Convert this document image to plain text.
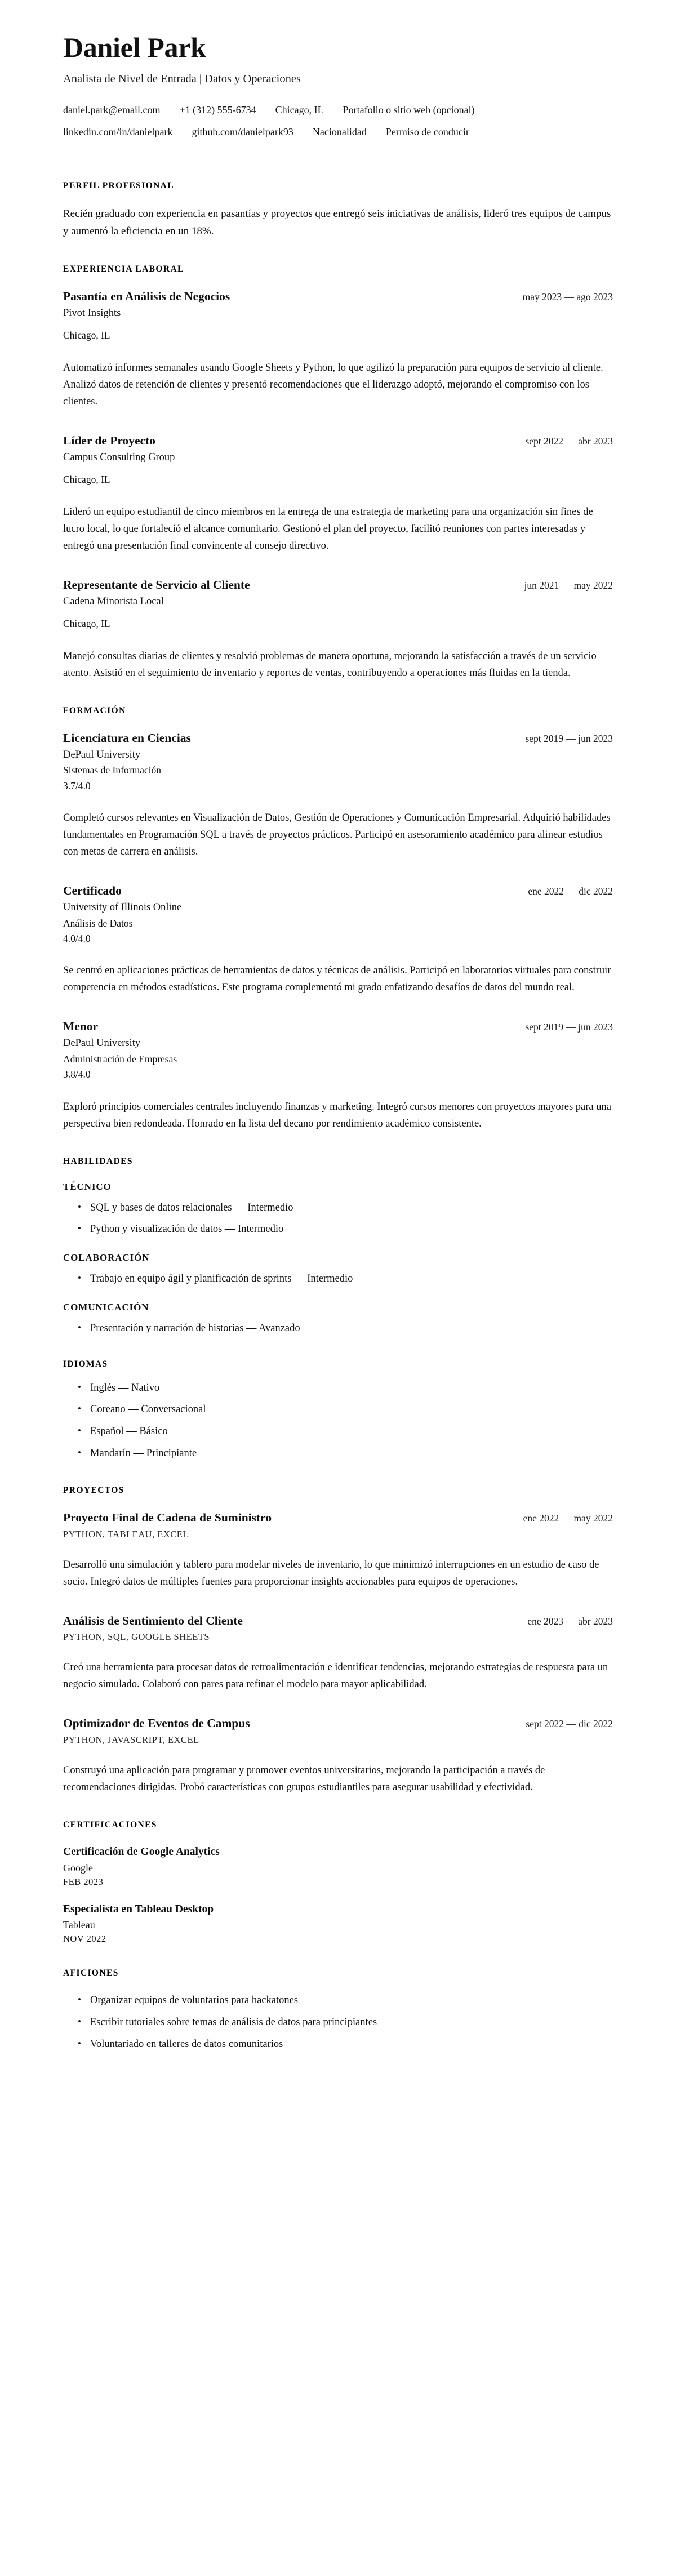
Daniel Park
Analista de Nivel de Entrada | Datos y Operaciones
daniel.park@email.com +1 (312) 555-6734 Chicago, IL Portafolio o sitio web (opcional)
linkedin.com/in/danielpark github.com/danielpark93 Nacionalidad Permiso de conducir
PERFIL PROFESIONAL

Recién graduado con experiencia en pasantías y proyectos que entregó seis iniciativas de análisis, lideró tres equipos de campus y aumentó la eficiencia en un 18%.

EXPERIENCIA LABORAL
Pasantía en Análisis de Negocios	may 2023 — ago 2023
Pivot Insights
Chicago, IL

Automatizó informes semanales usando Google Sheets y Python, lo que agilizó la preparación para equipos de servicio al cliente. Analizó datos de retención de clientes y presentó recomendaciones que el liderazgo adoptó, mejorando el compromiso con los clientes.

Líder de Proyecto	sept 2022 — abr 2023
Campus Consulting Group
Chicago, IL

Lideró un equipo estudiantil de cinco miembros en la entrega de una estrategia de marketing para una organización sin fines de lucro local, lo que fortaleció el alcance comunitario. Gestionó el plan del proyecto, facilitó reuniones con partes interesadas y entregó una presentación final convincente al consejo directivo.

Representante de Servicio al Cliente	jun 2021 — may 2022
Cadena Minorista Local
Chicago, IL

Manejó consultas diarias de clientes y resolvió problemas de manera oportuna, mejorando la satisfacción a través de un servicio atento. Asistió en el seguimiento de inventario y reportes de ventas, contribuyendo a operaciones más fluidas en la tienda.

FORMACIÓN
Licenciatura en Ciencias	sept 2019 — jun 2023
DePaul University
Sistemas de Información
3.7/4.0

Completó cursos relevantes en Visualización de Datos, Gestión de Operaciones y Comunicación Empresarial. Adquirió habilidades fundamentales en Programación SQL a través de proyectos prácticos. Participó en asesoramiento académico para alinear estudios con metas de carrera en análisis.

Certificado	ene 2022 — dic 2022
University of Illinois Online
Análisis de Datos
4.0/4.0

Se centró en aplicaciones prácticas de herramientas de datos y técnicas de análisis. Participó en laboratorios virtuales para construir competencia en métodos estadísticos. Este programa complementó mi grado enfatizando desafíos de datos del mundo real.

Menor	sept 2019 — jun 2023
DePaul University
Administración de Empresas
3.8/4.0

Exploró principios comerciales centrales incluyendo finanzas y marketing. Integró cursos menores con proyectos mayores para una perspectiva bien redondeada. Honrado en la lista del decano por rendimiento académico consistente.

HABILIDADES
TÉCNICO
• SQL y bases de datos relacionales — Intermedio
• Python y visualización de datos — Intermedio
COLABORACIÓN
• Trabajo en equipo ágil y planificación de sprints — Intermedio
COMUNICACIÓN
• Presentación y narración de historias — Avanzado
IDIOMAS
• Inglés — Nativo
• Coreano — Conversacional
• Español — Básico
• Mandarín — Principiante
PROYECTOS
Proyecto Final de Cadena de Suministro	ene 2022 — may 2022
PYTHON, TABLEAU, EXCEL

Desarrolló una simulación y tablero para modelar niveles de inventario, lo que minimizó interrupciones en un estudio de caso de socio. Integró datos de múltiples fuentes para proporcionar insights accionables para equipos de operaciones.

Análisis de Sentimiento del Cliente	ene 2023 — abr 2023
PYTHON, SQL, GOOGLE SHEETS

Creó una herramienta para procesar datos de retroalimentación e identificar tendencias, mejorando estrategias de respuesta para un negocio simulado. Colaboró con pares para refinar el modelo para mayor aplicabilidad.

Optimizador de Eventos de Campus	sept 2022 — dic 2022
PYTHON, JAVASCRIPT, EXCEL

Construyó una aplicación para programar y promover eventos universitarios, mejorando la participación a través de recomendaciones dirigidas. Probó características con grupos estudiantiles para asegurar usabilidad y efectividad.

CERTIFICACIONES
Certificación de Google Analytics
Google
FEB 2023
Especialista en Tableau Desktop
Tableau
NOV 2022
AFICIONES
• Organizar equipos de voluntarios para hackatones
• Escribir tutoriales sobre temas de análisis de datos para principiantes
• Voluntariado en talleres de datos comunitarios
